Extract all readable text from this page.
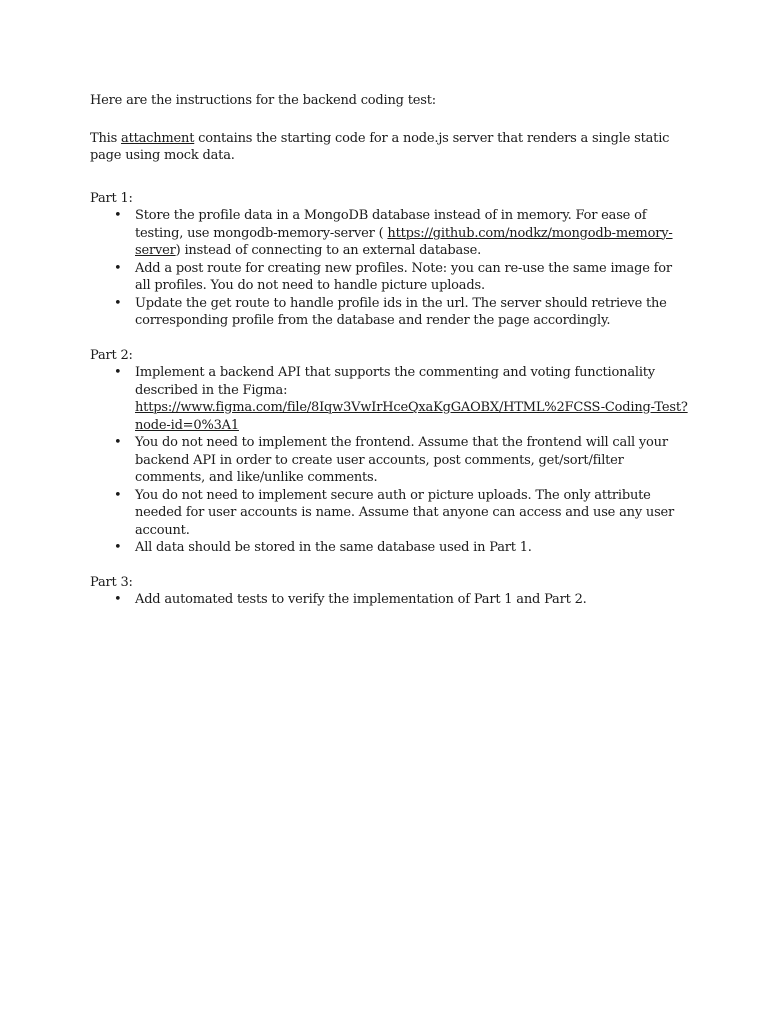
Here are the instructions for the backend coding test:

This attachment contains the starting code for a node.js server that renders a single static page using mock data.

Part 1:

• Store the profile data in a MongoDB database instead of in memory. For ease of testing, use mongodb-memory-server ( https://github.com/nodkz/mongodb-memory-server) instead of connecting to an external database.
• Add a post route for creating new profiles. Note: you can re-use the same image for all profiles. You do not need to handle picture uploads.
• Update the get route to handle profile ids in the url. The server should retrieve the corresponding profile from the database and render the page accordingly.

Part 2:

• Implement a backend API that supports the commenting and voting functionality described in the Figma: https://www.figma.com/file/8Iqw3VwIrHceQxaKgGAOBX/HTML%2FCSS-Coding-Test?node-id=0%3A1
• You do not need to implement the frontend. Assume that the frontend will call your backend API in order to create user accounts, post comments, get/sort/filter comments, and like/unlike comments.
• You do not need to implement secure auth or picture uploads. The only attribute needed for user accounts is name. Assume that anyone can access and use any user account.
• All data should be stored in the same database used in Part 1.

Part 3:

• Add automated tests to verify the implementation of Part 1 and Part 2.
